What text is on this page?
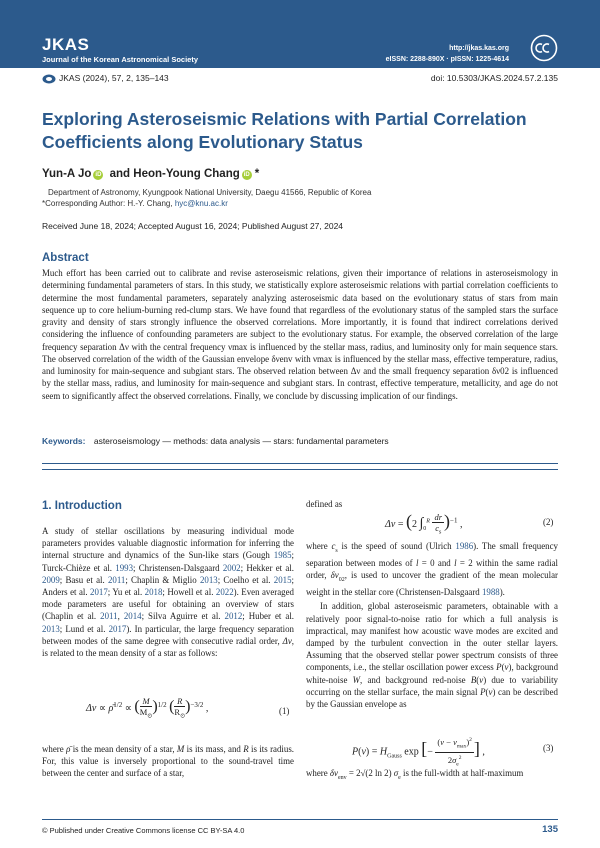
JKAS
Journal of the Korean Astronomical Society
http://jkas.kas.org
eISSN: 2288-890X · pISSN: 1225-4614
JKAS (2024), 57, 2, 135–143	doi: 10.5303/JKAS.2024.57.2.135
Exploring Asteroseismic Relations with Partial Correlation Coefficients along Evolutionary Status
Yun-A Jo iD and Heon-Young Chang iD *
Department of Astronomy, Kyungpook National University, Daegu 41566, Republic of Korea
*Corresponding Author: H.-Y. Chang, hyc@knu.ac.kr
Received June 18, 2024; Accepted August 16, 2024; Published August 27, 2024
Abstract
Much effort has been carried out to calibrate and revise asteroseismic relations, given their importance of relations in asteroseismology in determining fundamental parameters of stars. In this study, we statistically explore asteroseismic relations with partial correlation coefficients to determine the most fundamental parameters, separately analyzing asteroseismic data based on the evolutionary status of stars from main sequence up to core helium-burning red-clump stars. We have found that regardless of the evolutionary status of the sampled stars the surface gravity and density of stars strongly influence the observed correlations. More importantly, it is found that indirect correlations derived considering the influence of confounding parameters are subject to the evolutionary status. For example, the observed correlation of the large frequency separation Δν with the central frequency νmax is influenced by the stellar mass, radius, and luminosity only for main sequence stars. The observed correlation of the width of the Gaussian envelope δνenv with νmax is influenced by the stellar mass, effective temperature, radius, and luminosity for main-sequence and subgiant stars. The observed relation between Δν and the small frequency separation δν02 is influenced by the stellar mass, radius, and luminosity for main-sequence and subgiant stars. In contrast, effective temperature, metallicity, and age do not seem to significantly affect the observed correlations. Finally, we conclude by discussing implication of our findings.
Keywords: asteroseismology — methods: data analysis — stars: fundamental parameters
1. Introduction

A study of stellar oscillations by measuring individual mode parameters provides valuable diagnostic information for inferring the internal structure and dynamics of the Sun-like stars (Gough 1985; Turck-Chièze et al. 1993; Christensen-Dalsgaard 2002; Hekker et al. 2009; Basu et al. 2011; Chaplin & Miglio 2013; Coelho et al. 2015; Anders et al. 2017; Yu et al. 2018; Howell et al. 2022). Even averaged mode parameters are useful for obtaining an overview of stars (Chaplin et al. 2011, 2014; Silva Aguirre et al. 2012; Huber et al. 2013; Lund et al. 2017). In particular, the large frequency separation between modes of the same degree with consecutive radial order, Δν, is related to the mean density of a star as follows:

Δν ∝ ρ̄$^{1/2}$ ∝ ( $\frac{M}{M_⊙} )^{1/2}$ ( $\frac{R}{R_⊙} )^{-3/2}$ ,	(1)

where ρ̄ is the mean density of a star, M is its mass, and R is its radius. For, this value is inversely proportional to the sound-travel time between the center and surface of a star,

defined as

Δν = (2 $\int_0^R \frac{dr}{c_s} )^{-1}$ ,	(2)

where $c_s$ is the speed of sound (Ulrich 1986). The small frequency separation between modes of l = 0 and l = 2 within the same radial order, $\delta\nu_{02}$, is used to uncover the gradient of the mean molecular weight in the stellar core (Christensen-Dalsgaard 1988).

In addition, global asteroseismic parameters, obtainable with a relatively poor signal-to-noise ratio for which a full analysis is impractical, may manifest how acoustic wave modes are excited and damped by the turbulent convection in the outer stellar layers. Assuming that the observed stellar power spectrum consists of three components, i.e., the stellar oscillation power excess P(ν), background white-noise W, and background red-noise B(ν) due to variability occurring on the stellar surface, the main signal P(ν) can be described by the Gaussian envelope as

$P(\nu) = H_{Gauss}$ exp [− $\frac{(\nu - \nu_{max})^2}{2\sigma_e^2}$ ] ,	(3)

where $\delta\nu_{env} = 2√(2$ ln 2) $\sigma_e$ is the full-width at half-maximum

© Published under Creative Commons license CC BY-SA 4.0	135
